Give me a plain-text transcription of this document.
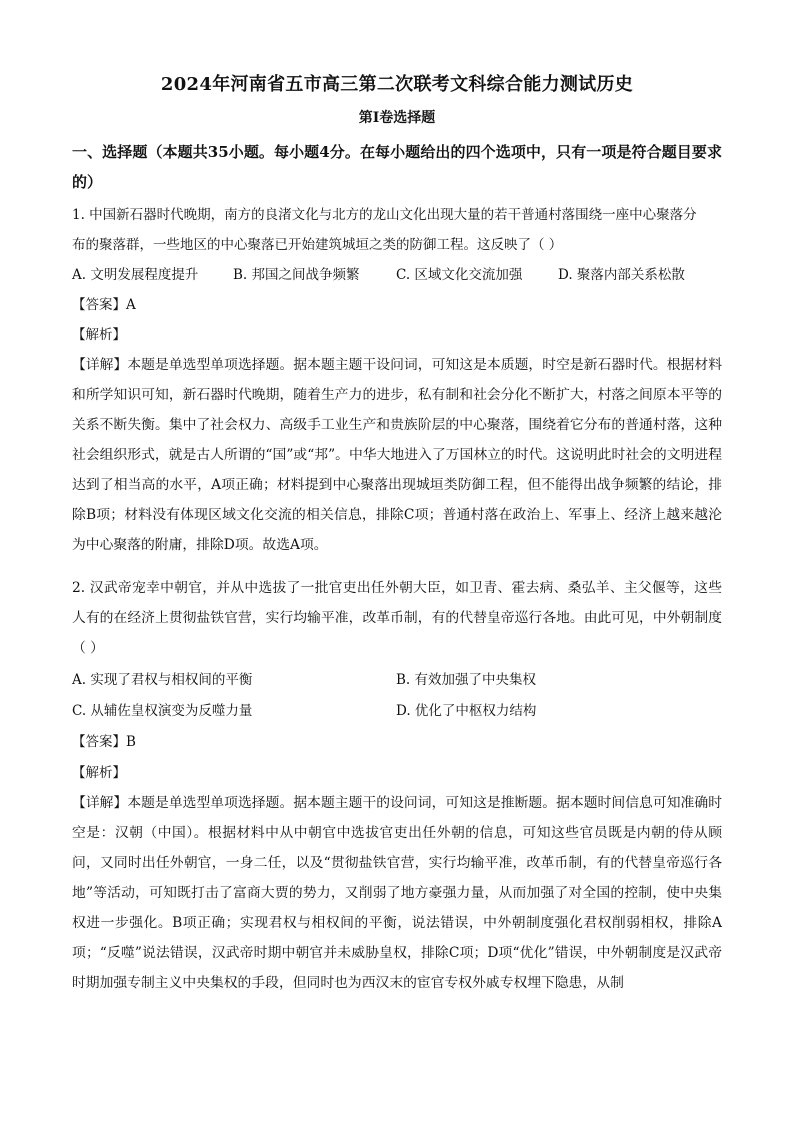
2024年河南省五市高三第二次联考文科综合能力测试历史
第I卷选择题
一、选择题（本题共35小题。每小题4分。在每小题给出的四个选项中，只有一项是符合题目要求的）
1. 中国新石器时代晚期，南方的良渚文化与北方的龙山文化出现大量的若干普通村落围绕一座中心聚落分
布的聚落群，一些地区的中心聚落已开始建筑城垣之类的防御工程。这反映了（ ）
A. 文明发展程度提升	B. 邦国之间战争频繁	C. 区域文化交流加强	D. 聚落内部关系松散
【答案】A
【解析】
【详解】本题是单选型单项选择题。据本题主题干设问词，可知这是本质题，时空是新石器时代。根据材料和所学知识可知，新石器时代晚期，随着生产力的进步，私有制和社会分化不断扩大，村落之间原本平等的关系不断失衡。集中了社会权力、高级手工业生产和贵族阶层的中心聚落，围绕着它分布的普通村落，这种社会组织形式，就是古人所谓的“国”或“邦”。中华大地进入了万国林立的时代。这说明此时社会的文明进程达到了相当高的水平，A项正确；材料提到中心聚落出现城垣类防御工程，但不能得出战争频繁的结论，排除B项；材料没有体现区域文化交流的相关信息，排除C项；普通村落在政治上、军事上、经济上越来越沦为中心聚落的附庸，排除D项。故选A项。
2. 汉武帝宠幸中朝官，并从中选拔了一批官吏出任外朝大臣，如卫青、霍去病、桑弘羊、主父偃等，这些人有的在经济上贯彻盐铁官营，实行均输平准，改革币制，有的代替皇帝巡行各地。由此可见，中外朝制度（ ）
A. 实现了君权与相权间的平衡	B. 有效加强了中央集权
C. 从辅佐皇权演变为反噬力量	D. 优化了中枢权力结构
【答案】B
【解析】
【详解】本题是单选型单项选择题。据本题主题干的设问词，可知这是推断题。据本题时间信息可知准确时空是：汉朝（中国）。根据材料中从中朝官中选拔官吏出任外朝的信息，可知这些官员既是内朝的侍从顾问，又同时出任外朝官，一身二任，以及“贯彻盐铁官营，实行均输平准，改革币制，有的代替皇帝巡行各地”等活动，可知既打击了富商大贾的势力，又削弱了地方豪强力量，从而加强了对全国的控制，使中央集权进一步强化。B项正确；实现君权与相权间的平衡，说法错误，中外朝制度强化君权削弱相权，排除A项；“反噬”说法错误，汉武帝时期中朝官并未威胁皇权，排除C项；D项“优化”错误，中外朝制度是汉武帝时期加强专制主义中央集权的手段，但同时也为西汉末的宦官专权外戚专权埋下隐患，从制
